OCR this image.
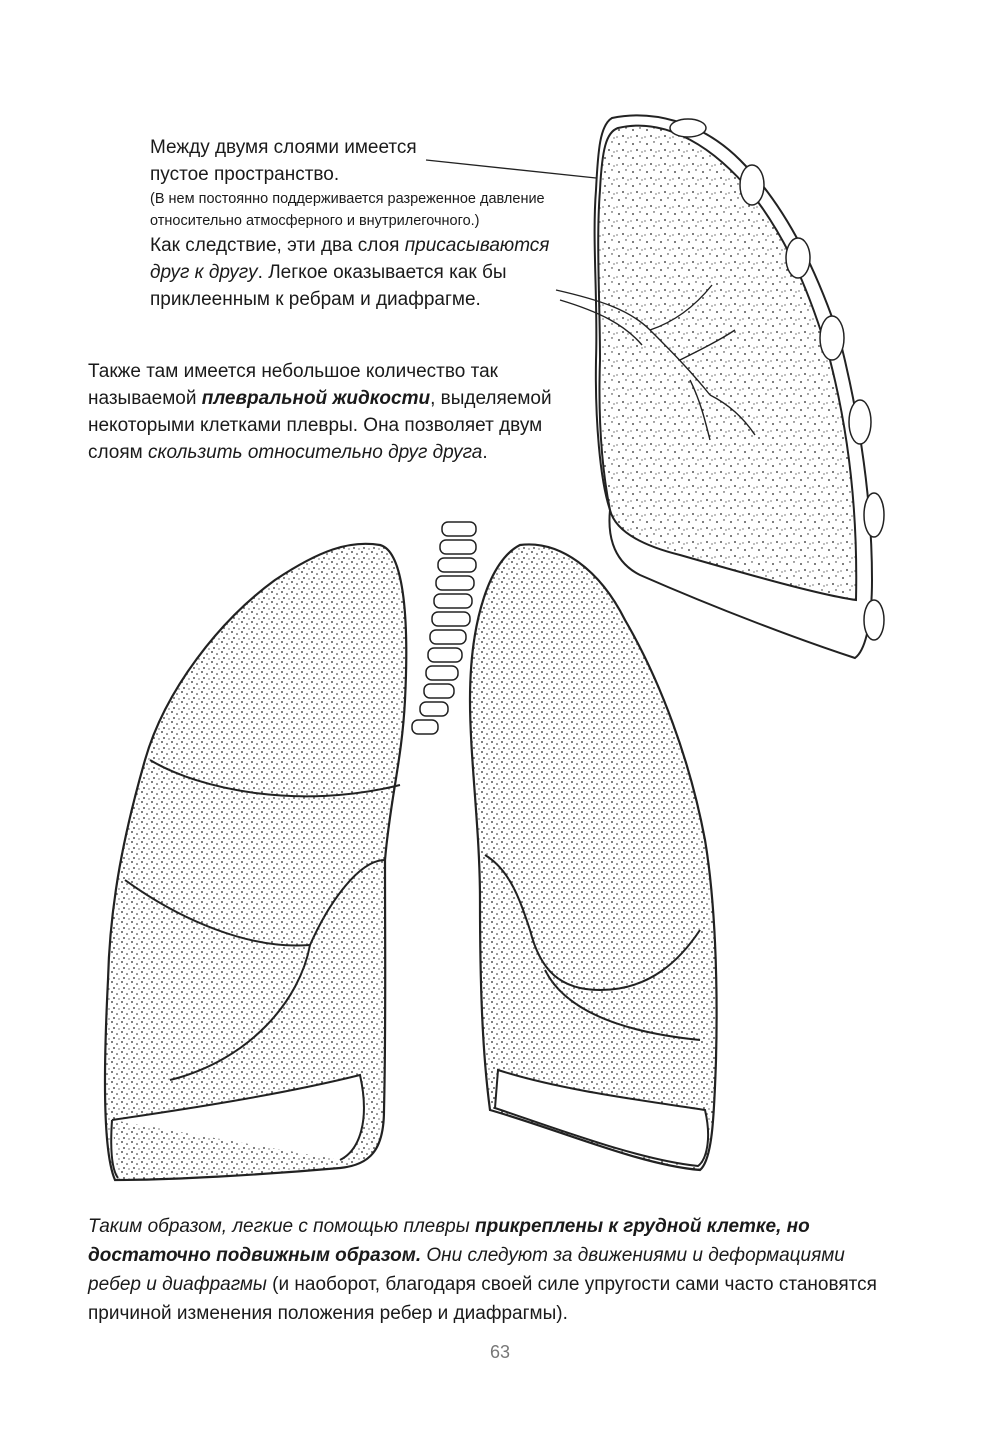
Между двумя слоями имеется
пустое пространство.
(В нем постоянно поддерживается разреженное давление относительно атмосферного и внутрилегочного.)
Как следствие, эти два слоя присасываются друг к другу. Легкое оказывается как бы приклеенным к ребрам и диафрагме.
Также там имеется небольшое количество так называемой плевральной жидкости, выделяемой некоторыми клетками плевры. Она позволяет двум слоям скользить относительно друг друга.
Таким образом, легкие с помощью плевры прикреплены к грудной клетке, но достаточно подвижным образом. Они следуют за движениями и деформациями ребер и диафрагмы (и наоборот, благодаря своей силе упругости сами часто становятся причиной изменения положения ребер и диафрагмы).
63
